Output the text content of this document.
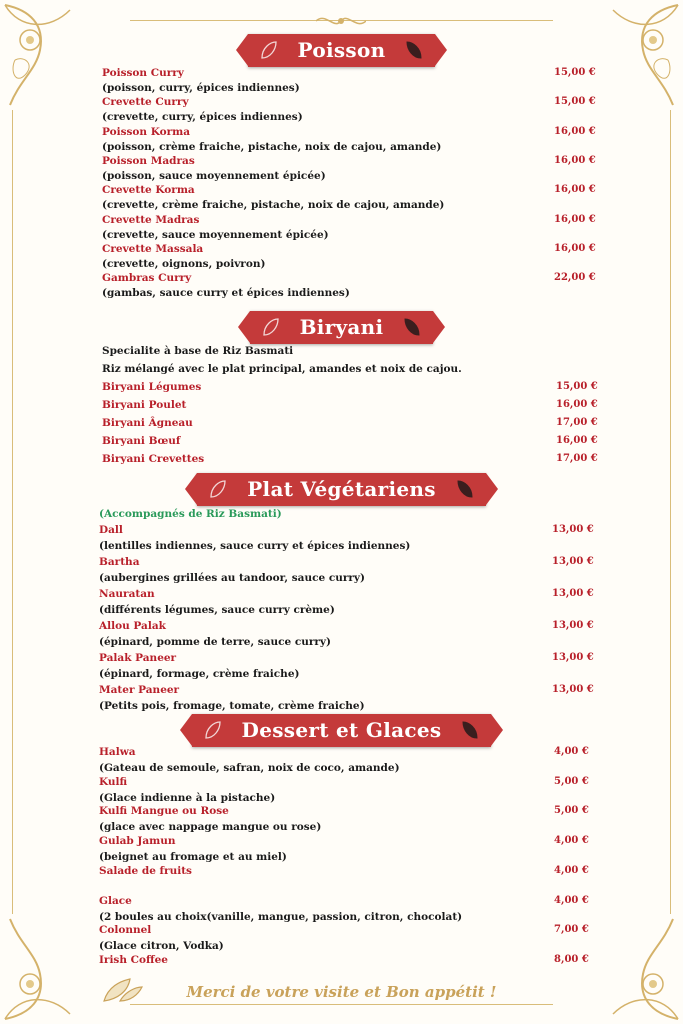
Poisson
Poisson Curry	15,00 €
(poisson, curry, épices indiennes)
Crevette Curry	15,00 €
(crevette, curry, épices indiennes)
Poisson Korma	16,00 €
(poisson, crème fraiche, pistache, noix de cajou, amande)
Poisson Madras	16,00 €
(poisson, sauce moyennement épicée)
Crevette Korma	16,00 €
(crevette, crème fraiche, pistache, noix de cajou, amande)
Crevette Madras	16,00 €
(crevette, sauce moyennement épicée)
Crevette Massala	16,00 €
(crevette, oignons, poivron)
Gambras Curry	22,00 €
(gambas, sauce curry et épices indiennes)
Biryani
Specialite à base de Riz Basmati
Riz mélangé avec le plat principal, amandes et noix de cajou.
Biryani Légumes	15,00 €
Biryani Poulet	16,00 €
Biryani Âgneau	17,00 €
Biryani Bœuf	16,00 €
Biryani Crevettes	17,00 €
Plat Végétariens
(Accompagnés de Riz Basmati)
Dall	13,00 €
(lentilles indiennes, sauce curry et épices indiennes)
Bartha	13,00 €
(aubergines grillées au tandoor, sauce curry)
Nauratan	13,00 €
(différents légumes, sauce curry crème)
Allou Palak	13,00 €
(épinard, pomme de terre, sauce curry)
Palak Paneer	13,00 €
(épinard, formage, crème fraiche)
Mater Paneer	13,00 €
(Petits pois, fromage, tomate, crème fraiche)
Dessert et Glaces
Halwa	4,00 €
(Gateau de semoule, safran, noix de coco, amande)
Kulfi	5,00 €
(Glace indienne à la pistache)
Kulfi Mangue ou Rose	5,00 €
(glace avec nappage mangue ou rose)
Gulab Jamun	4,00 €
(beignet au fromage et au miel)
Salade de fruits	4,00 €
Glace	4,00 €
(2 boules au choix(vanille, mangue, passion, citron, chocolat)
Colonnel	7,00 €
(Glace citron, Vodka)
Irish Coffee	8,00 €
Merci de votre visite et Bon appétit !
